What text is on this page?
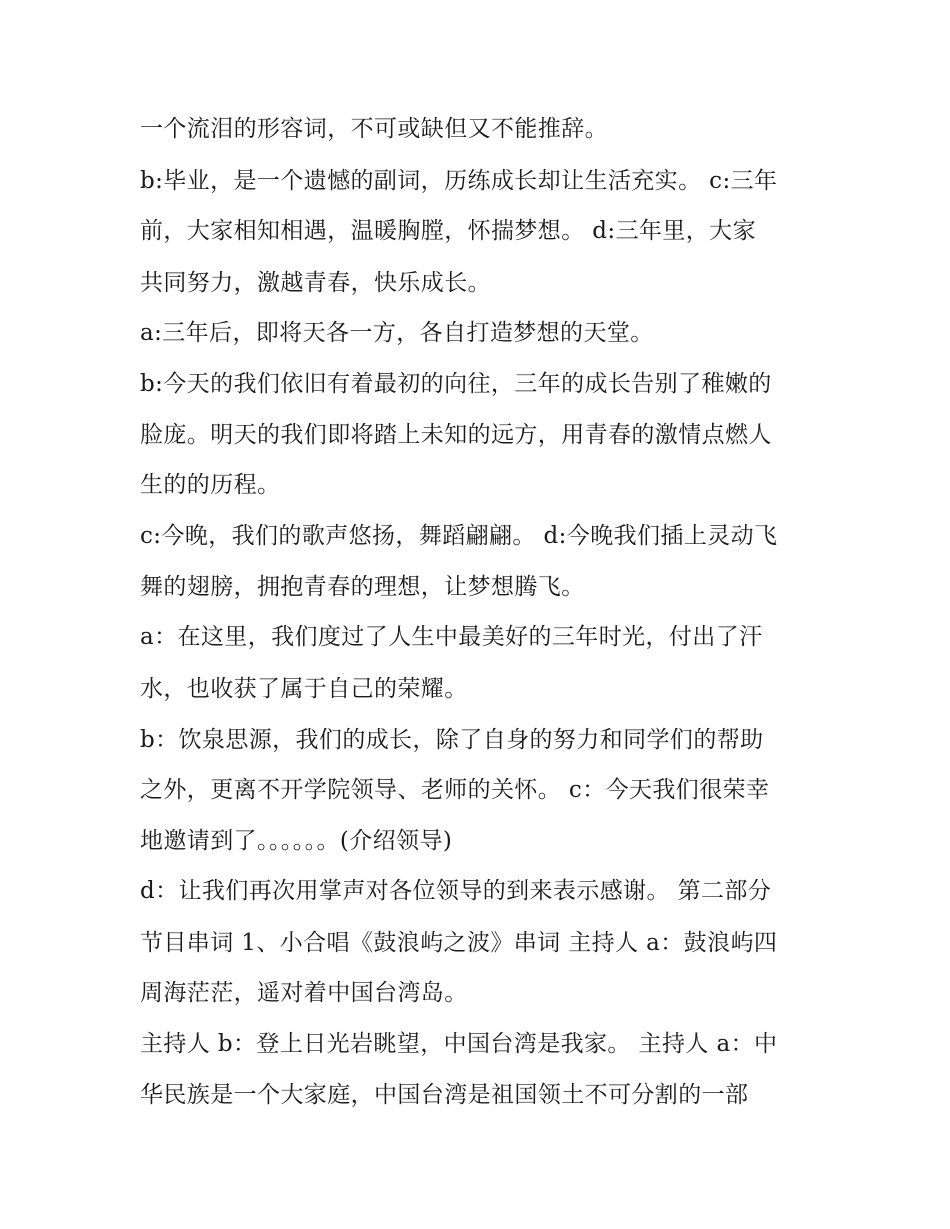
一个流泪的形容词，不可或缺但又不能推辞。
b:毕业，是一个遗憾的副词，历练成长却让生活充实。 c:三年
前，大家相知相遇，温暖胸膛，怀揣梦想。 d:三年里，大家
共同努力，激越青春，快乐成长。
a:三年后，即将天各一方，各自打造梦想的天堂。
b:今天的我们依旧有着最初的向往，三年的成长告别了稚嫩的
脸庞。明天的我们即将踏上未知的远方，用青春的激情点燃人
生的的历程。
c:今晚，我们的歌声悠扬，舞蹈翩翩。 d:今晚我们插上灵动飞
舞的翅膀，拥抱青春的理想，让梦想腾飞。
a：在这里，我们度过了人生中最美好的三年时光，付出了汗
水，也收获了属于自己的荣耀。
b：饮泉思源，我们的成长，除了自身的努力和同学们的帮助
之外，更离不开学院领导、老师的关怀。 c：今天我们很荣幸
地邀请到了。。。。。。(介绍领导)
d：让我们再次用掌声对各位领导的到来表示感谢。 第二部分
节目串词 1、小合唱《鼓浪屿之波》串词 主持人 a：鼓浪屿四
周海茫茫，遥对着中国台湾岛。
主持人 b：登上日光岩眺望，中国台湾是我家。 主持人 a：中
华民族是一个大家庭，中国台湾是祖国领土不可分割的一部
